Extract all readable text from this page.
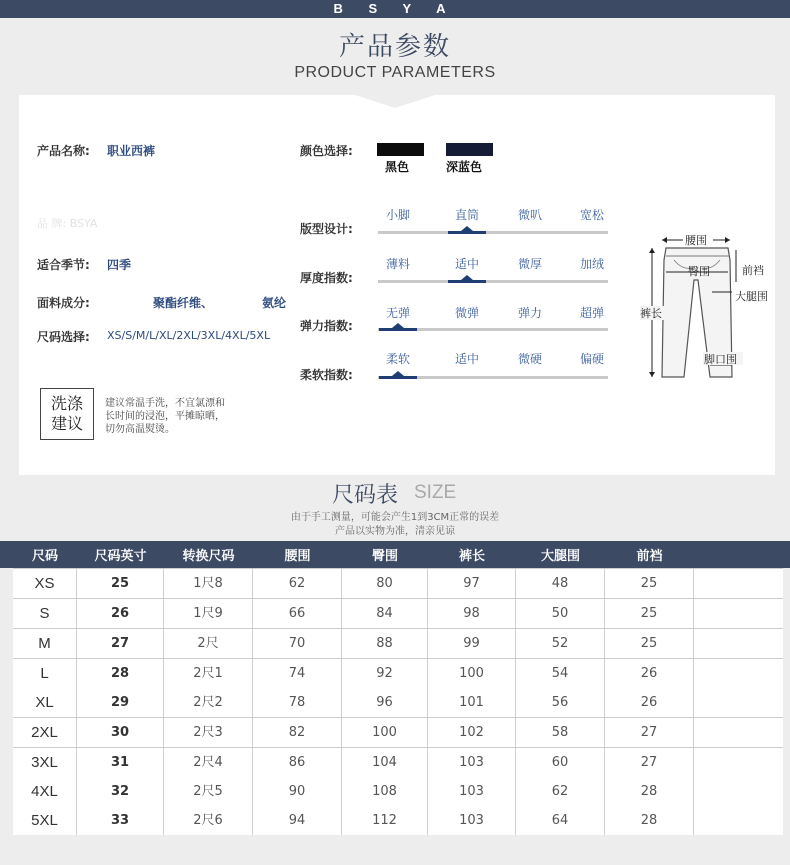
B S Y A
产品参数
PRODUCT PARAMETERS
产品名称: 职业西裤
品 牌: BSYA
适合季节: 四季
面料成分:	聚酯纤维、	氨纶
尺码选择: XS/S/M/L/XL/2XL/3XL/4XL/5XL
颜色选择:
黑色	深蓝色
版型设计:
小脚	直筒	微叭	宽松
厚度指数:
薄料	适中	微厚	加绒
弹力指数:
无弹	微弹	弹力	超弹
柔软指数:
柔软	适中	微硬	偏硬
洗涤
建议
建议常温手洗，不宜氯漂和
长时间的浸泡，平摊晾晒，
切勿高温熨烫。
腰围
臀围	前裆
大腿围
裤长
脚口围
尺码表 SIZE
由于手工测量，可能会产生1到3CM正常的误差
产品以实物为准，清亲见谅
尺码	尺码英寸	转换尺码	腰围	臀围	裤长	大腿围	前裆
XS	25	1尺8	62	80	97	48	25
S	26	1尺9	66	84	98	50	25
M	27	2尺	70	88	99	52	25
L	28	2尺1	74	92	100	54	26
XL	29	2尺2	78	96	101	56	26
2XL	30	2尺3	82	100	102	58	27
3XL	31	2尺4	86	104	103	60	27
4XL	32	2尺5	90	108	103	62	28
5XL	33	2尺6	94	112	103	64	28
